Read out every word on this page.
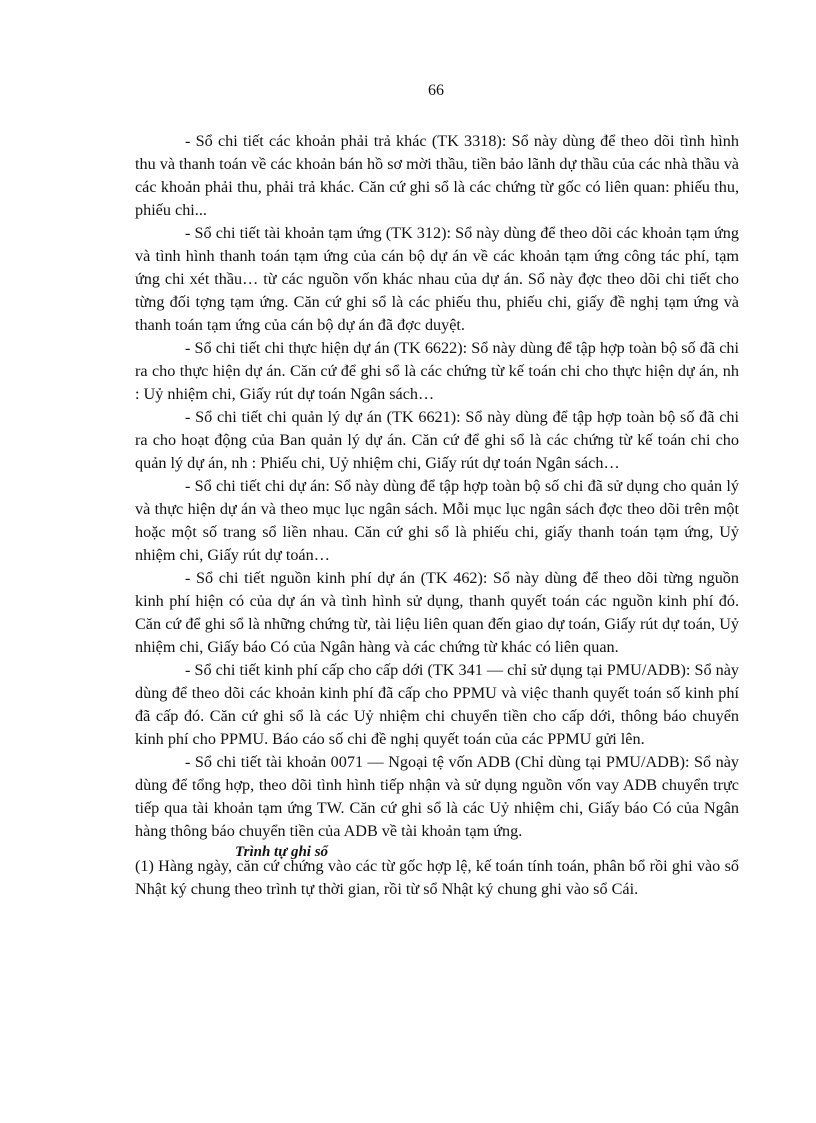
66

- Sổ chi tiết các khoản phải trả khác (TK 3318): Sổ này dùng để theo dõi tình hình thu và thanh toán về các khoản bán hồ sơ mời thầu, tiền bảo lãnh dự thầu của các nhà thầu và các khoản phải thu, phải trả khác. Căn cứ ghi sổ là các chứng từ gốc có liên quan: phiếu thu, phiếu chi...

- Sổ chi tiết tài khoản tạm ứng (TK 312): Sổ này dùng để theo dõi các khoản tạm ứng và tình hình thanh toán tạm ứng của cán bộ dự án về các khoản tạm ứng công tác phí, tạm ứng chi xét thầu… từ các nguồn vốn khác nhau của dự án. Sổ này đợc theo dõi chi tiết cho từng đối tợng tạm ứng. Căn cứ ghi sổ là các phiếu thu, phiếu chi, giấy đề nghị tạm ứng và thanh toán tạm ứng của cán bộ dự án đã đợc duyệt.

- Sổ chi tiết chi thực hiện dự án (TK 6622): Sổ này dùng để tập hợp toàn bộ số đã chi ra cho thực hiện dự án. Căn cứ để ghi sổ là các chứng từ kế toán chi cho thực hiện dự án, nh : Uỷ nhiệm chi, Giấy rút dự toán Ngân sách…

- Sổ chi tiết chi quản lý dự án (TK 6621): Sổ này dùng để tập hợp toàn bộ số đã chi ra cho hoạt động của Ban quản lý dự án. Căn cứ để ghi sổ là các chứng từ kế toán chi cho quản lý dự án, nh : Phiếu chi, Uỷ nhiệm chi, Giấy rút dự toán Ngân sách…

- Sổ chi tiết chi dự án: Sổ này dùng để tập hợp toàn bộ số chi đã sử dụng cho quản lý và thực hiện dự án và theo mục lục ngân sách. Mỗi mục lục ngân sách đợc theo dõi trên một hoặc một số trang sổ liền nhau. Căn cứ ghi sổ là phiếu chi, giấy thanh toán tạm ứng, Uỷ nhiệm chi, Giấy rút dự toán…

- Sổ chi tiết nguồn kinh phí dự án (TK 462): Sổ này dùng để theo dõi từng nguồn kinh phí hiện có của dự án và tình hình sử dụng, thanh quyết toán các nguồn kinh phí đó. Căn cứ để ghi sổ là những chứng từ, tài liệu liên quan đến giao dự toán, Giấy rút dự toán, Uỷ nhiệm chi, Giấy báo Có của Ngân hàng và các chứng từ khác có liên quan.

- Sổ chi tiết kinh phí cấp cho cấp dới (TK 341 — chỉ sử dụng tại PMU/ADB): Sổ này dùng để theo dõi các khoản kinh phí đã cấp cho PPMU và việc thanh quyết toán số kinh phí đã cấp đó. Căn cứ ghi sổ là các Uỷ nhiệm chi chuyển tiền cho cấp dới, thông báo chuyển kinh phí cho PPMU. Báo cáo số chi đề nghị quyết toán của các PPMU gửi lên.

- Sổ chi tiết tài khoản 0071 — Ngoại tệ vốn ADB (Chỉ dùng tại PMU/ADB): Sổ này dùng để tổng hợp, theo dõi tình hình tiếp nhận và sử dụng nguồn vốn vay ADB chuyển trực tiếp qua tài khoản tạm ứng TW. Căn cứ ghi sổ là các Uỷ nhiệm chi, Giấy báo Có của Ngân hàng thông báo chuyển tiền của ADB về tài khoản tạm ứng.

Trình tự ghi sổ

(1) Hàng ngày, căn cứ chứng vào các từ gốc hợp lệ, kế toán tính toán, phân bổ rồi ghi vào sổ Nhật ký chung theo trình tự thời gian, rồi từ sổ Nhật ký chung ghi vào sổ Cái.
